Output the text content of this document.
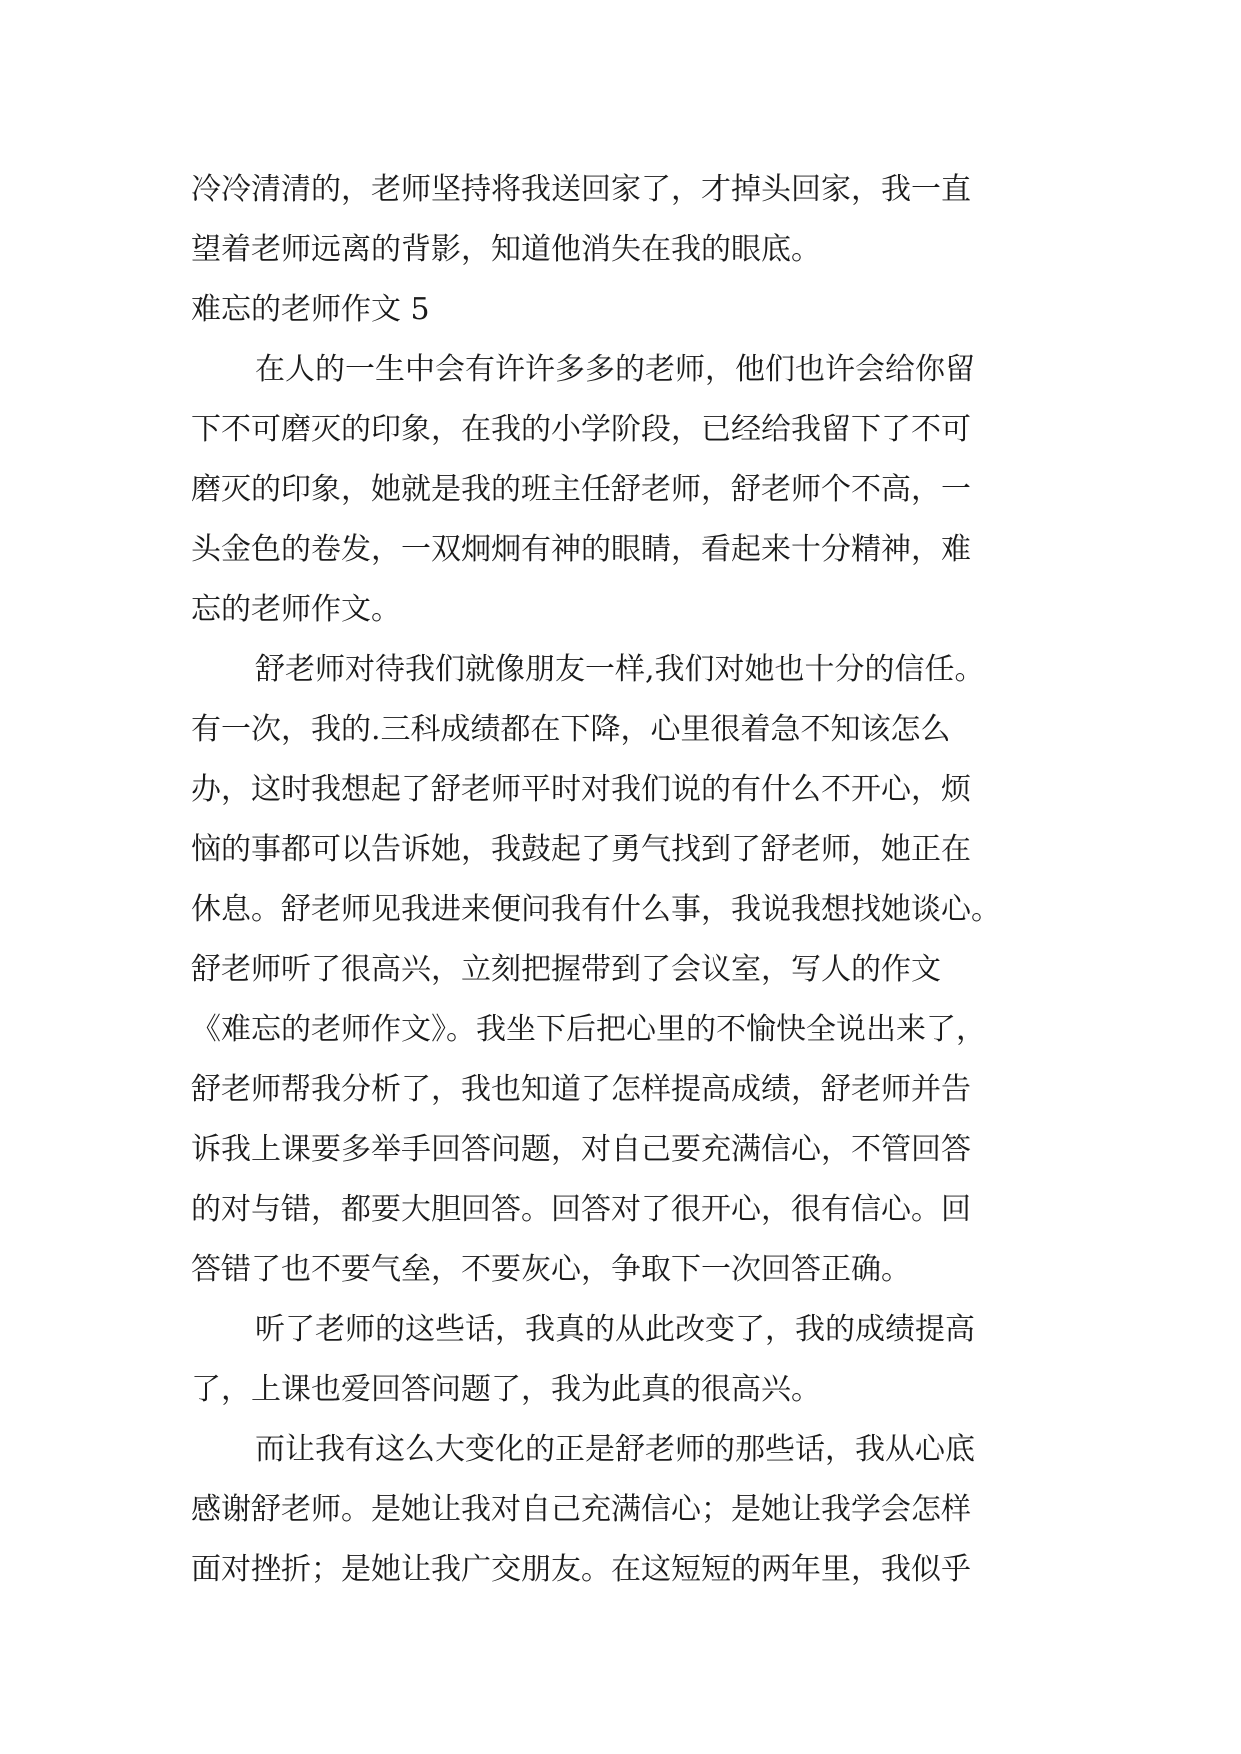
冷冷清清的，老师坚持将我送回家了，才掉头回家，我一直
望着老师远离的背影，知道他消失在我的眼底。
难忘的老师作文 5
在人的一生中会有许许多多的老师，他们也许会给你留
下不可磨灭的印象，在我的小学阶段，已经给我留下了不可
磨灭的印象，她就是我的班主任舒老师，舒老师个不高，一
头金色的卷发，一双炯炯有神的眼睛，看起来十分精神，难
忘的老师作文。
舒老师对待我们就像朋友一样,我们对她也十分的信任。
有一次，我的.三科成绩都在下降，心里很着急不知该怎么
办，这时我想起了舒老师平时对我们说的有什么不开心，烦
恼的事都可以告诉她，我鼓起了勇气找到了舒老师，她正在
休息。舒老师见我进来便问我有什么事，我说我想找她谈心。
舒老师听了很高兴，立刻把握带到了会议室，写人的作文
《难忘的老师作文》。我坐下后把心里的不愉快全说出来了，
舒老师帮我分析了，我也知道了怎样提高成绩，舒老师并告
诉我上课要多举手回答问题，对自己要充满信心，不管回答
的对与错，都要大胆回答。回答对了很开心，很有信心。回
答错了也不要气垒，不要灰心，争取下一次回答正确。
听了老师的这些话，我真的从此改变了，我的成绩提高
了，上课也爱回答问题了，我为此真的很高兴。
而让我有这么大变化的正是舒老师的那些话，我从心底
感谢舒老师。是她让我对自己充满信心；是她让我学会怎样
面对挫折；是她让我广交朋友。在这短短的两年里，我似乎
